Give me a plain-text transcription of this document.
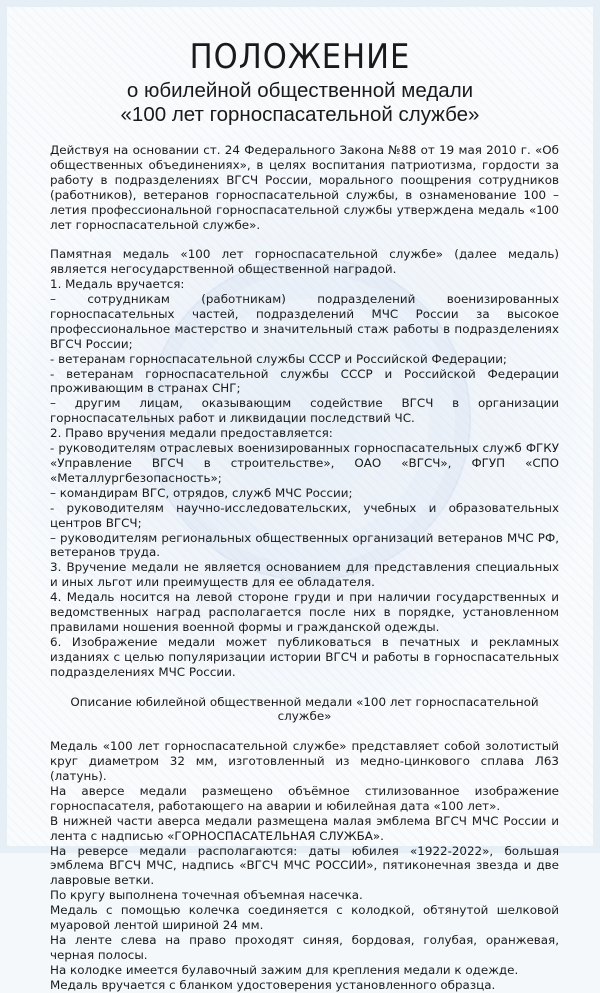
ПОЛОЖЕНИЕ
о юбилейной общественной медали
«100 лет горноспасательной службе»

Действуя на основании ст. 24 Федерального Закона №88 от 19 мая 2010 г. «Об общественных объединениях», в целях воспитания патриотизма, гордости за работу в подразделениях ВГСЧ России, морального поощрения сотрудников (работников), ветеранов горноспасательной службы, в ознаменование 100 – летия профессиональной горноспасательной службы утверждена медаль «100 лет горноспасательной службе».

Памятная медаль «100 лет горноспасательной службе» (далее медаль) является негосударственной общественной наградой.

1. Медаль вручается:

– сотрудникам (работникам) подразделений военизированных горноспасательных частей, подразделений МЧС России за высокое профессиональное мастерство и значительный стаж работы в подразделениях ВГСЧ России;

- ветеранам горноспасательной службы СССР и Российской Федерации;

- ветеранам горноспасательной службы СССР и Российской Федерации проживающим в странах СНГ;

– другим лицам, оказывающим содействие ВГСЧ в организации горноспасательных работ и ликвидации последствий ЧС.

2. Право вручения медали предоставляется:

- руководителям отраслевых военизированных горноспасательных служб ФГКУ «Управление ВГСЧ в строительстве», ОАО «ВГСЧ», ФГУП «СПО «Металлургбезопасность»;

– командирам ВГС, отрядов, служб МЧС России;

- руководителям научно-исследовательских, учебных и образовательных центров ВГСЧ;

– руководителям региональных общественных организаций ветеранов МЧС РФ, ветеранов труда.

3. Вручение медали не является основанием для представления специальных и иных льгот или преимуществ для ее обладателя.

4. Медаль носится на левой стороне груди и при наличии государственных и ведомственных наград располагается после них в порядке, установленном правилами ношения военной формы и гражданской одежды.

6. Изображение медали может публиковаться в печатных и рекламных изданиях с целью популяризации истории ВГСЧ и работы в горноспасательных подразделениях МЧС России.

Описание юбилейной общественной медали «100 лет горноспасательной службе»

Медаль «100 лет горноспасательной службе» представляет собой золотистый круг диаметром 32 мм, изготовленный из медно-цинкового сплава Л63 (латунь).

На аверсе медали размещено объёмное стилизованное изображение горноспасателя, работающего на аварии и юбилейная дата «100 лет».

В нижней части аверса медали размещена малая эмблема ВГСЧ МЧС России и лента с надписью «ГОРНОСПАСАТЕЛЬНАЯ СЛУЖБА».

На реверсе медали располагаются: даты юбилея «1922-2022», большая эмблема ВГСЧ МЧС, надпись «ВГСЧ МЧС РОССИИ», пятиконечная звезда и две лавровые ветки.

По кругу выполнена точечная объемная насечка.

Медаль с помощью колечка соединяется с колодкой, обтянутой шелковой муаровой лентой шириной 24 мм.

На ленте слева на право проходят синяя, бордовая, голубая, оранжевая, черная полосы.

На колодке имеется булавочный зажим для крепления медали к одежде.

Медаль вручается с бланком удостоверения установленного образца.
